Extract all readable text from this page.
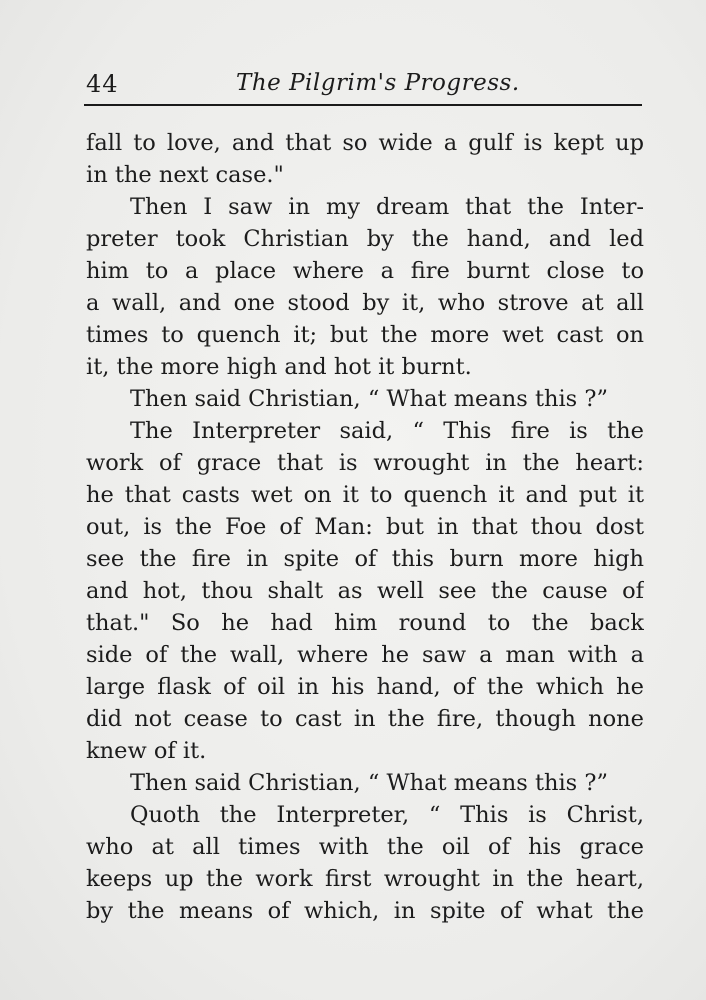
44	The Pilgrim's Progress.
fall to love, and that so wide a gulf is kept up
in the next case."
Then I saw in my dream that the Inter-
preter took Christian by the hand, and led
him to a place where a fire burnt close to
a wall, and one stood by it, who strove at all
times to quench it; but the more wet cast on
it, the more high and hot it burnt.
Then said Christian, “ What means this ?”
The Interpreter said, “ This fire is the
work of grace that is wrought in the heart:
he that casts wet on it to quench it and put it
out, is the Foe of Man: but in that thou dost
see the fire in spite of this burn more high
and hot, thou shalt as well see the cause of
that." So he had him round to the back
side of the wall, where he saw a man with a
large flask of oil in his hand, of the which he
did not cease to cast in the fire, though none
knew of it.
Then said Christian, “ What means this ?”
Quoth the Interpreter, “ This is Christ,
who at all times with the oil of his grace
keeps up the work first wrought in the heart,
by the means of which, in spite of what the
